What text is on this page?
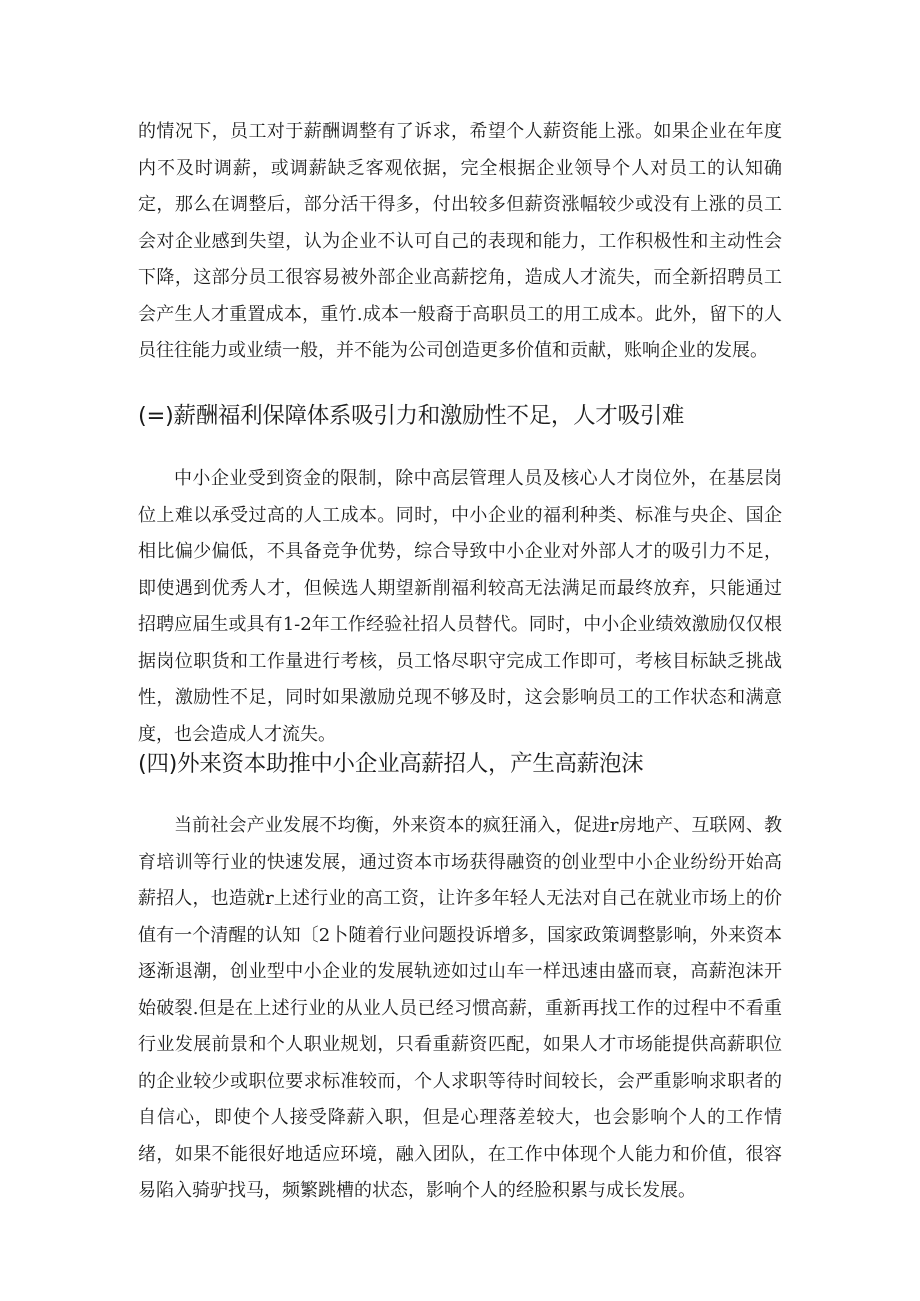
的情况下，员工对于薪酬调整有了诉求，希望个人薪资能上涨。如果企业在年度内不及时调薪，或调薪缺乏客观依据，完全根据企业领导个人对员工的认知确定，那么在调整后，部分活干得多，付出较多但薪资涨幅较少或没有上涨的员工会对企业感到失望，认为企业不认可自己的表现和能力，工作积极性和主动性会下降，这部分员工很容易被外部企业高薪挖角，造成人才流失，而全新招聘员工会产生人才重置成本，重竹.成本一般裔于高职员工的用工成本。此外，留下的人员往往能力或业绩一般，并不能为公司创造更多价值和贡献，账响企业的发展。

(=)薪酬福利保障体系吸引力和激励性不足，人才吸引难

中小企业受到资金的限制，除中高层管理人员及核心人才岗位外，在基层岗位上难以承受过高的人工成本。同时，中小企业的福利种类、标准与央企、国企相比偏少偏低，不具备竞争优势，综合导致中小企业对外部人才的吸引力不足，即使遇到优秀人才，但候选人期望新削福利较高无法满足而最终放弃，只能通过招聘应届生或具有1-2年工作经验社招人员替代。同时，中小企业绩效激励仅仅根据岗位职货和工作量进行考核，员工恪尽职守完成工作即可，考核目标缺乏挑战性，激励性不足，同时如果激励兑现不够及时，这会影响员工的工作状态和满意度，也会造成人才流失。

(四)外来资本助推中小企业高薪招人，产生高薪泡沫

当前社会产业发展不均衡，外来资本的疯狂涌入，促进r房地产、互联网、教育培训等行业的快速发展，通过资本市场获得融资的创业型中小企业纷纷开始高薪招人，也造就r上述行业的高工资，让许多年轻人无法对自己在就业市场上的价值有一个清醒的认知〔2卜随着行业问题投诉增多，国家政策调整影响，外来资本逐渐退潮，创业型中小企业的发展轨迹如过山车一样迅速由盛而衰，高薪泡沫开始破裂.但是在上述行业的从业人员已经习惯高薪，重新再找工作的过程中不看重行业发展前景和个人职业规划，只看重薪资匹配，如果人才市场能提供高薪职位的企业较少或职位要求标准较而，个人求职等待时间较长，会严重影响求职者的自信心，即使个人接受降薪入职，但是心理落差较大，也会影响个人的工作情绪，如果不能很好地适应环境，融入团队，在工作中体现个人能力和价值，很容易陷入骑驴找马，频繁跳槽的状态，影响个人的经脸积累与成长发展。
